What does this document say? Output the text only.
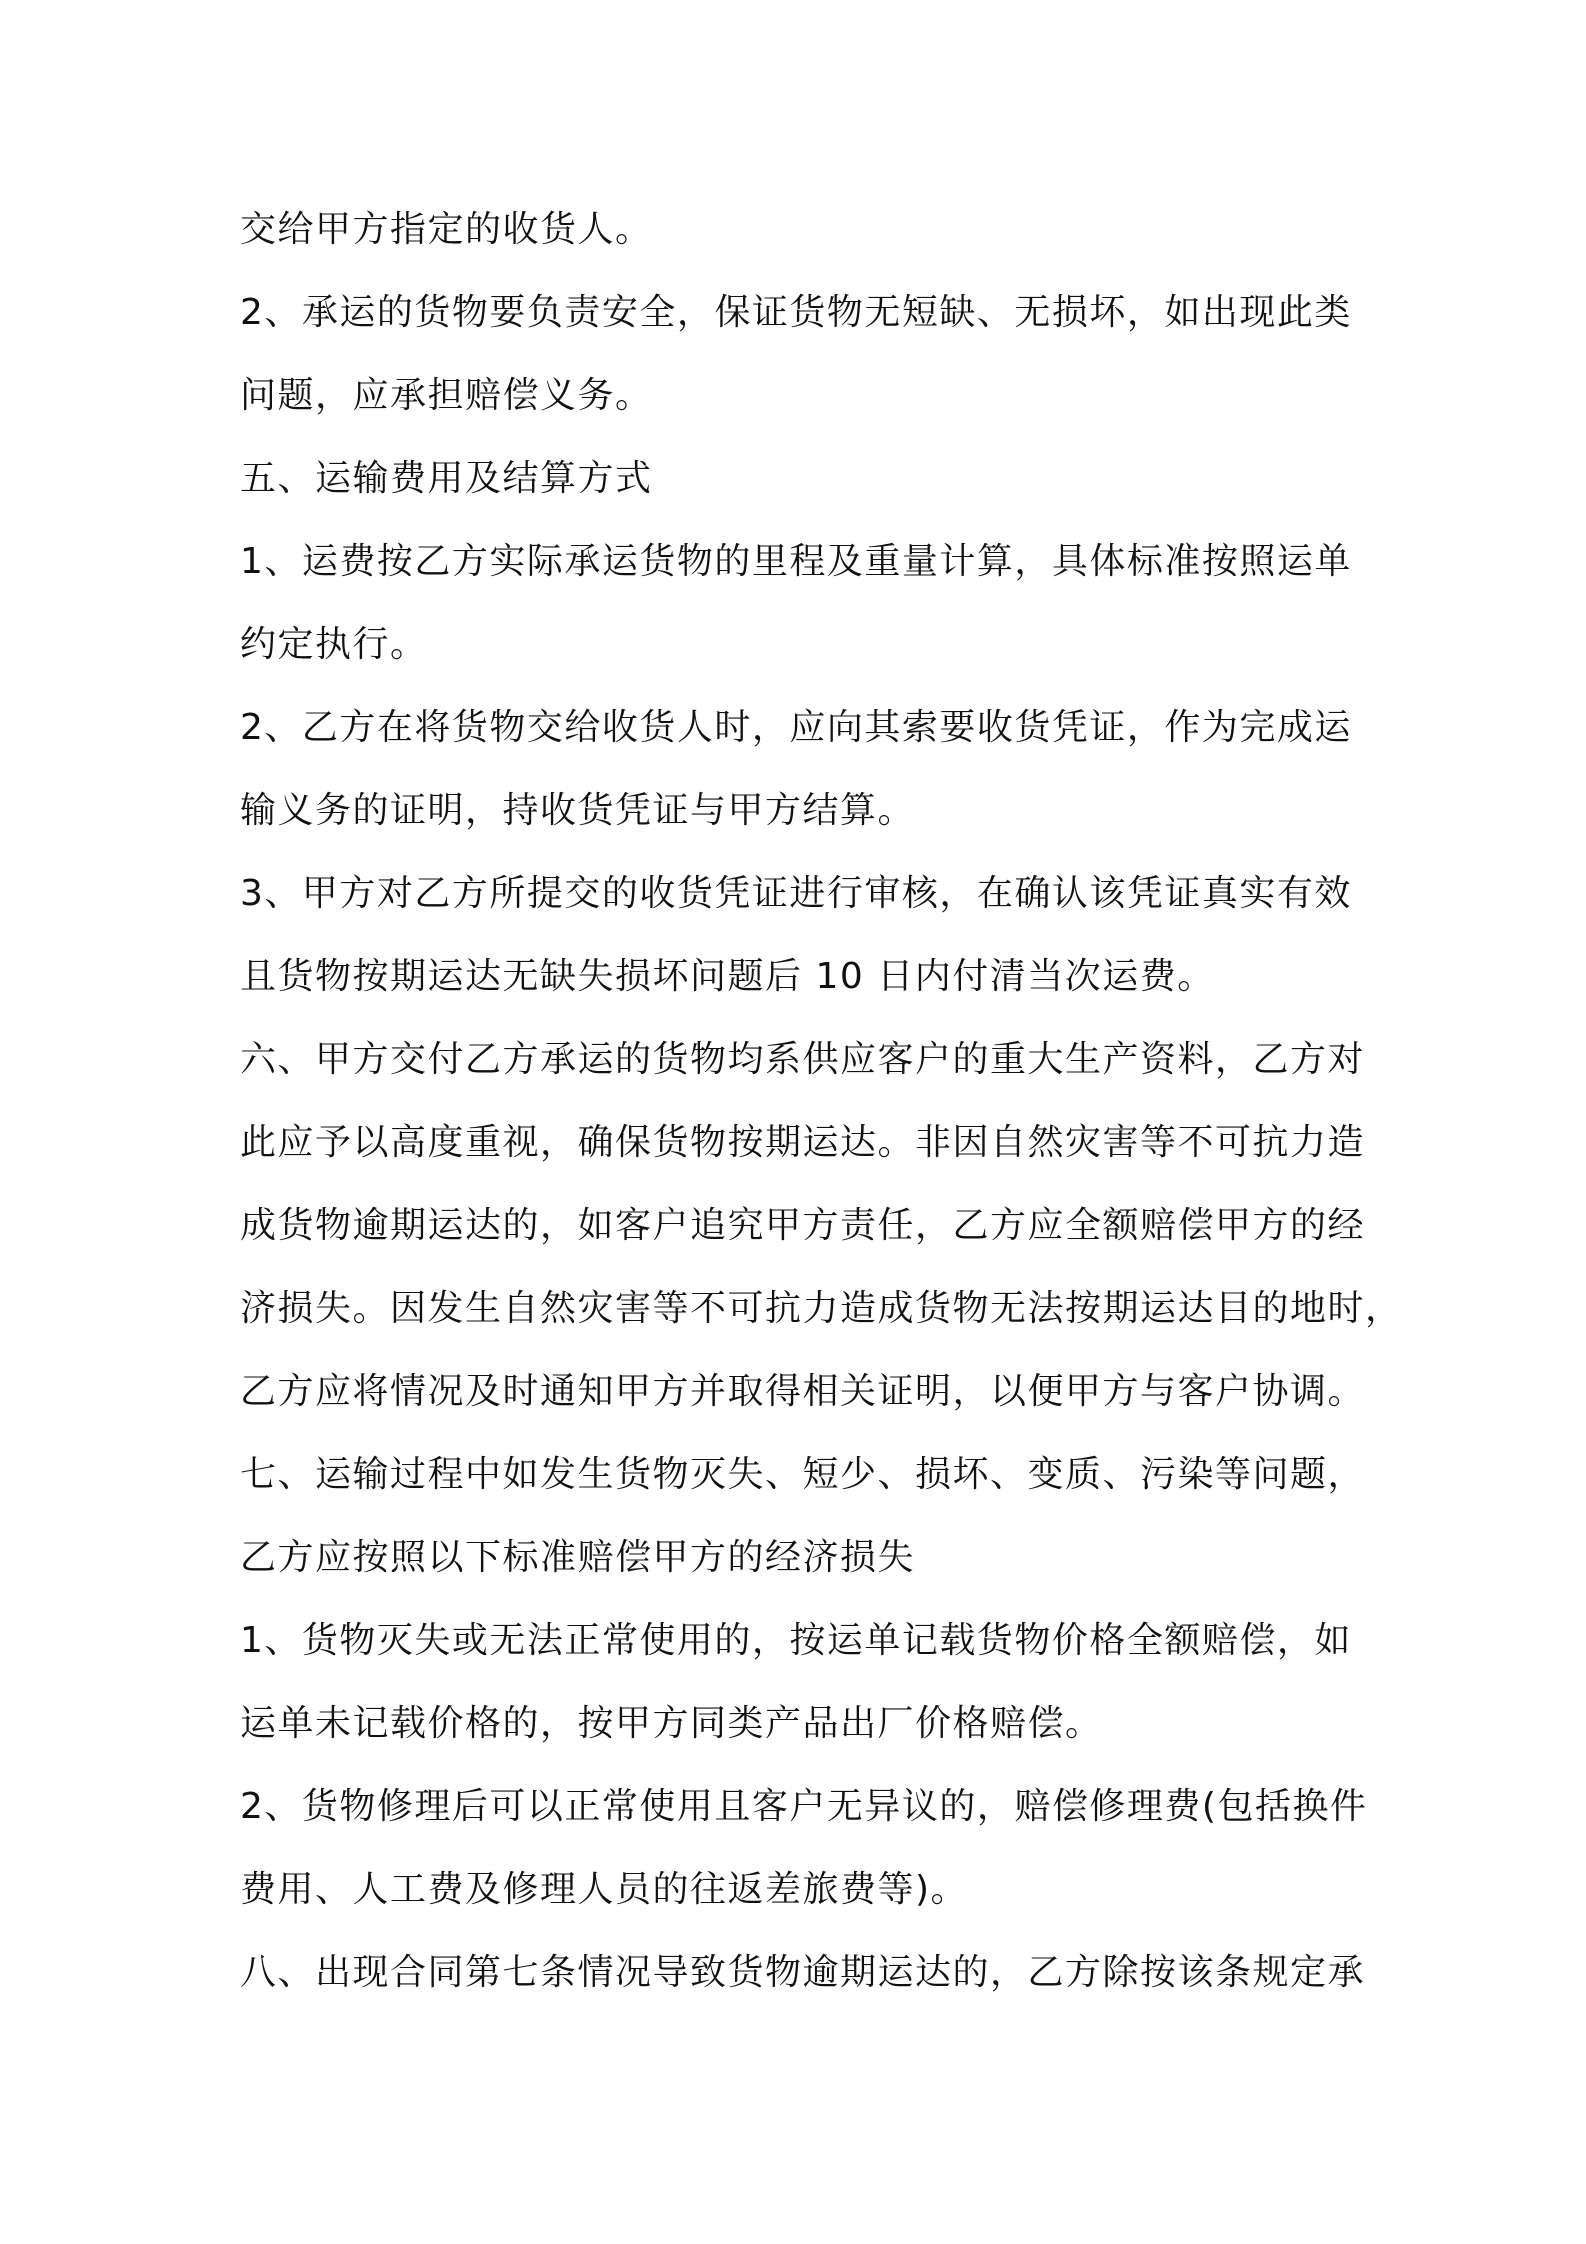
交给甲方指定的收货人。
2、承运的货物要负责安全，保证货物无短缺、无损坏，如出现此类
问题，应承担赔偿义务。
五、运输费用及结算方式
1、运费按乙方实际承运货物的里程及重量计算，具体标准按照运单
约定执行。
2、乙方在将货物交给收货人时，应向其索要收货凭证，作为完成运
输义务的证明，持收货凭证与甲方结算。
3、甲方对乙方所提交的收货凭证进行审核，在确认该凭证真实有效
且货物按期运达无缺失损坏问题后 10 日内付清当次运费。
六、甲方交付乙方承运的货物均系供应客户的重大生产资料，乙方对
此应予以高度重视，确保货物按期运达。非因自然灾害等不可抗力造
成货物逾期运达的，如客户追究甲方责任，乙方应全额赔偿甲方的经
济损失。因发生自然灾害等不可抗力造成货物无法按期运达目的地时，
乙方应将情况及时通知甲方并取得相关证明，以便甲方与客户协调。
七、运输过程中如发生货物灭失、短少、损坏、变质、污染等问题，
乙方应按照以下标准赔偿甲方的经济损失
1、货物灭失或无法正常使用的，按运单记载货物价格全额赔偿，如
运单未记载价格的，按甲方同类产品出厂价格赔偿。
2、货物修理后可以正常使用且客户无异议的，赔偿修理费(包括换件
费用、人工费及修理人员的往返差旅费等)。
八、出现合同第七条情况导致货物逾期运达的，乙方除按该条规定承
